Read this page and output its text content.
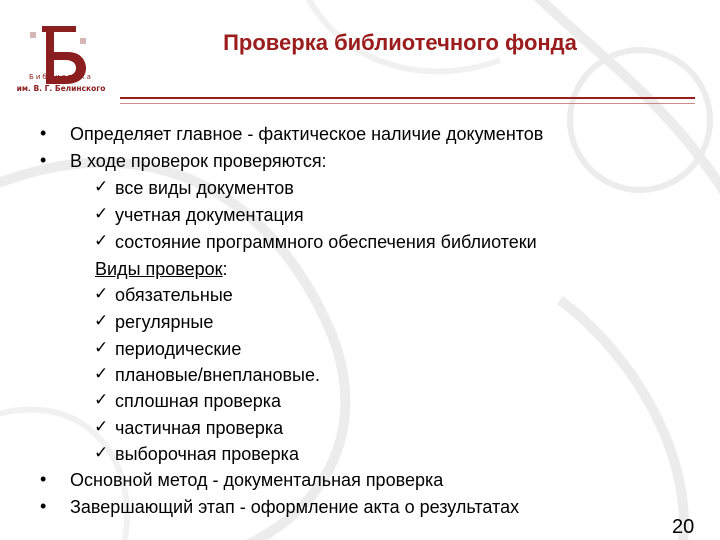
Библиотека
им. В. Г. Белинского
Проверка библиотечного фонда
• Определяет главное - фактическое наличие документов
• В ходе проверок проверяются:
✓ все виды документов
✓ учетная документация
✓ состояние программного обеспечения библиотеки
Виды проверок:
✓ обязательные
✓ регулярные
✓ периодические
✓ плановые/внеплановые.
✓ сплошная проверка
✓ частичная проверка
✓ выборочная проверка
• Основной метод - документальная проверка
• Завершающий этап - оформление акта о результатах
20
